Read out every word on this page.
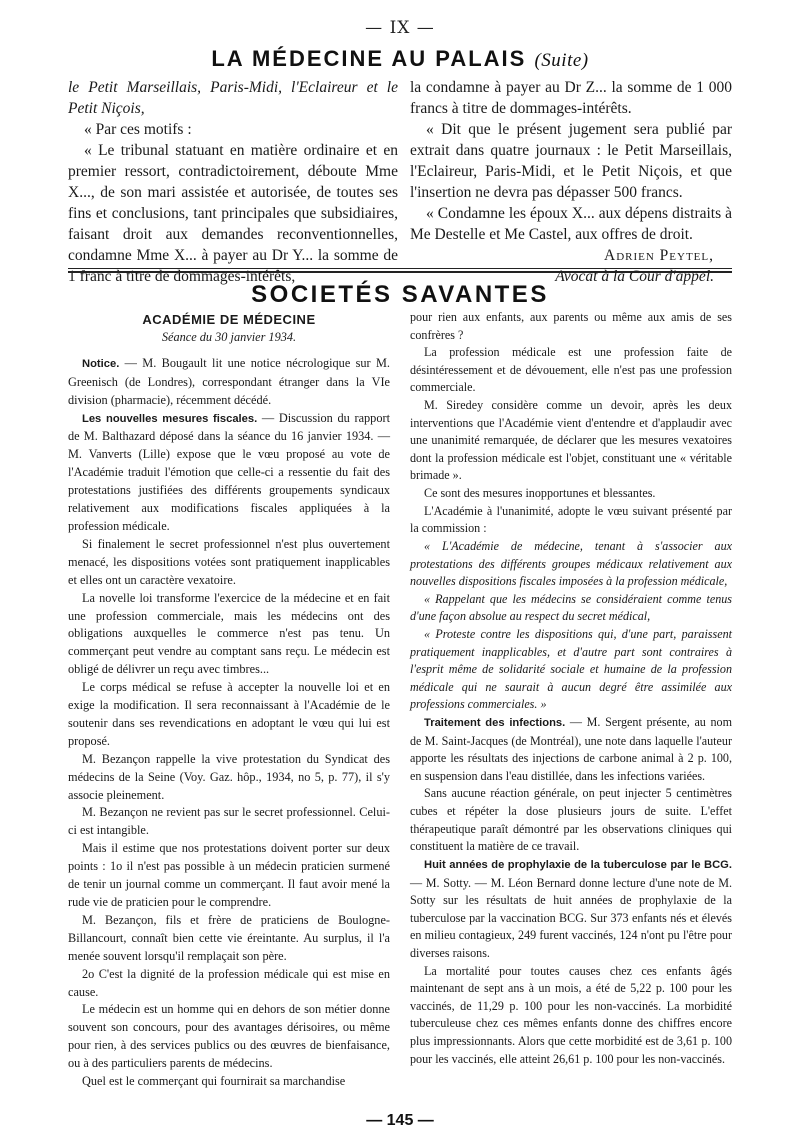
— IX —
LA MÉDECINE AU PALAIS (Suite)

le Petit Marseillais, Paris-Midi, l'Eclaireur et le Petit Niçois,

« Par ces motifs :

« Le tribunal statuant en matière ordinaire et en premier ressort, contradictoirement, déboute Mme X..., de son mari assistée et autorisée, de toutes ses fins et conclusions, tant principales que subsidiaires, faisant droit aux demandes reconventionnelles, condamne Mme X... à payer au Dr Y... la somme de 1 franc à titre de dommages-intérêts,

la condamne à payer au Dr Z... la somme de 1 000 francs à titre de dommages-intérêts.

« Dit que le présent jugement sera publié par extrait dans quatre journaux : le Petit Marseillais, l'Eclaireur, Paris-Midi, et le Petit Niçois, et que l'insertion ne devra pas dépasser 500 francs.

« Condamne les époux X... aux dépens distraits à Me Destelle et Me Castel, aux offres de droit.

Adrien Peytel,

Avocat à la Cour d'appel.

SOCIETÉS SAVANTES

ACADÉMIE DE MÉDECINE

Séance du 30 janvier 1934.

Notice. — M. Bougault lit une notice nécrologique sur M. Greenisch (de Londres), correspondant étranger dans la VIe division (pharmacie), récemment décédé.

Les nouvelles mesures fiscales. — Discussion du rapport de M. Balthazard déposé dans la séance du 16 janvier 1934. — M. Vanverts (Lille) expose que le vœu proposé au vote de l'Académie traduit l'émotion que celle-ci a ressentie du fait des protestations justifiées des différents groupements syndicaux relativement aux modifications fiscales appliquées à la profession médicale.

Si finalement le secret professionnel n'est plus ouvertement menacé, les dispositions votées sont pratiquement inapplicables et elles ont un caractère vexatoire.

La novelle loi transforme l'exercice de la médecine et en fait une profession commerciale, mais les médecins ont des obligations auxquelles le commerce n'est pas tenu. Un commerçant peut vendre au comptant sans reçu. Le médecin est obligé de délivrer un reçu avec timbres...

Le corps médical se refuse à accepter la nouvelle loi et en exige la modification. Il sera reconnaissant à l'Académie de le soutenir dans ses revendications en adoptant le vœu qui lui est proposé.

M. Bezançon rappelle la vive protestation du Syndicat des médecins de la Seine (Voy. Gaz. hôp., 1934, no 5, p. 77), il s'y associe pleinement.

M. Bezançon ne revient pas sur le secret professionnel. Celui-ci est intangible.

Mais il estime que nos protestations doivent porter sur deux points : 1o il n'est pas possible à un médecin praticien surmené de tenir un journal comme un commerçant. Il faut avoir mené la rude vie de praticien pour le comprendre.

M. Bezançon, fils et frère de praticiens de Boulogne-Billancourt, connaît bien cette vie éreintante. Au surplus, il l'a menée souvent lorsqu'il remplaçait son père.

2o C'est la dignité de la profession médicale qui est mise en cause.

Le médecin est un homme qui en dehors de son métier donne souvent son concours, pour des avantages dérisoires, ou même pour rien, à des services publics ou des œuvres de bienfaisance, ou à des particuliers parents de médecins.

Quel est le commerçant qui fournirait sa marchandise

pour rien aux enfants, aux parents ou même aux amis de ses confrères ?

La profession médicale est une profession faite de désintéressement et de dévouement, elle n'est pas une profession commerciale.

M. Siredey considère comme un devoir, après les deux interventions que l'Académie vient d'entendre et d'applaudir avec une unanimité remarquée, de déclarer que les mesures vexatoires dont la profession médicale est l'objet, constituant une « véritable brimade ».

Ce sont des mesures inopportunes et blessantes.

L'Académie à l'unanimité, adopte le vœu suivant présenté par la commission :

« L'Académie de médecine, tenant à s'associer aux protestations des différents groupes médicaux relativement aux nouvelles dispositions fiscales imposées à la profession médicale,

« Rappelant que les médecins se considéraient comme tenus d'une façon absolue au respect du secret médical,

« Proteste contre les dispositions qui, d'une part, paraissent pratiquement inapplicables, et d'autre part sont contraires à l'esprit même de solidarité sociale et humaine de la profession médicale qui ne saurait à aucun degré être assimilée aux professions commerciales. »

Traitement des infections. — M. Sergent présente, au nom de M. Saint-Jacques (de Montréal), une note dans laquelle l'auteur apporte les résultats des injections de carbone animal à 2 p. 100, en suspension dans l'eau distillée, dans les infections variées.

Sans aucune réaction générale, on peut injecter 5 centimètres cubes et répéter la dose plusieurs jours de suite. L'effet thérapeutique paraît démontré par les observations cliniques qui constituent la matière de ce travail.

Huit années de prophylaxie de la tuberculose par le BCG. — M. Sotty. — M. Léon Bernard donne lecture d'une note de M. Sotty sur les résultats de huit années de prophylaxie de la tuberculose par la vaccination BCG. Sur 373 enfants nés et élevés en milieu contagieux, 249 furent vaccinés, 124 n'ont pu l'être pour diverses raisons.

La mortalité pour toutes causes chez ces enfants âgés maintenant de sept ans à un mois, a été de 5,22 p. 100 pour les vaccinés, de 11,29 p. 100 pour les non-vaccinés. La morbidité tuberculeuse chez ces mêmes enfants donne des chiffres encore plus impressionnants. Alors que cette morbidité est de 3,61 p. 100 pour les vaccinés, elle atteint 26,61 p. 100 pour les non-vaccinés.

— 145 —
